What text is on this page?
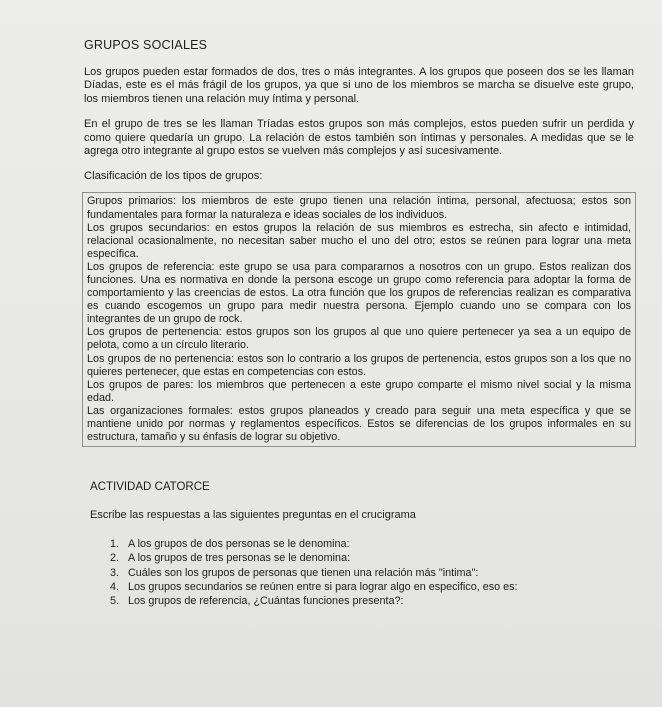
GRUPOS SOCIALES

Los grupos pueden estar formados de dos, tres o más integrantes. A los grupos que poseen dos se les llaman Díadas, este es el más frágil de los grupos, ya que si uno de los miembros se marcha se disuelve este grupo, los miembros tienen una relación muy íntima y personal.

En el grupo de tres se les llaman Tríadas estos grupos son más complejos, estos pueden sufrir un perdida y como quiere quedaría un grupo. La relación de estos también son íntimas y personales. A medidas que se le agrega otro integrante al grupo estos se vuelven más complejos y así sucesivamente.

Clasificación de los tipos de grupos:
Grupos primarios: los miembros de este grupo tienen una relación íntima, personal, afectuosa; estos son fundamentales para formar la naturaleza e ideas sociales de los individuos.
Los grupos secundarios: en estos grupos la relación de sus miembros es estrecha, sin afecto e intimidad, relacional ocasionalmente, no necesitan saber mucho el uno del otro; estos se reúnen para lograr una meta específica.
Los grupos de referencia: este grupo se usa para compararnos a nosotros con un grupo. Estos realizan dos funciones. Una es normativa en donde la persona escoge un grupo como referencia para adoptar la forma de comportamiento y las creencias de estos. La otra función que los grupos de referencias realizan es comparativa es cuando escogemos un grupo para medir nuestra persona. Ejemplo cuando uno se compara con los integrantes de un grupo de rock.
Los grupos de pertenencia: estos grupos son los grupos al que uno quiere pertenecer ya sea a un equipo de pelota, como a un círculo literario.
Los grupos de no pertenencia: estos son lo contrario a los grupos de pertenencia, estos grupos son a los que no quieres pertenecer, que estas en competencias con estos.
Los grupos de pares: los miembros que pertenecen a este grupo comparte el mismo nivel social y la misma edad.
Las organizaciones formales: estos grupos planeados y creado para seguir una meta específica y que se mantiene unido por normas y reglamentos específicos. Estos se diferencias de los grupos informales en su estructura, tamaño y su énfasis de lograr su objetivo.
ACTIVIDAD CATORCE
Escribe las respuestas a las siguientes preguntas en el crucigrama
1. A los grupos de dos personas se le denomina:
2. A los grupos de tres personas se le denomina:
3. Cuáles son los grupos de personas que tienen una relación más "intima":
4. Los grupos secundarios se reúnen entre si para lograr algo en especifico, eso es:
5. Los grupos de referencia, ¿Cuántas funciones presenta?:
